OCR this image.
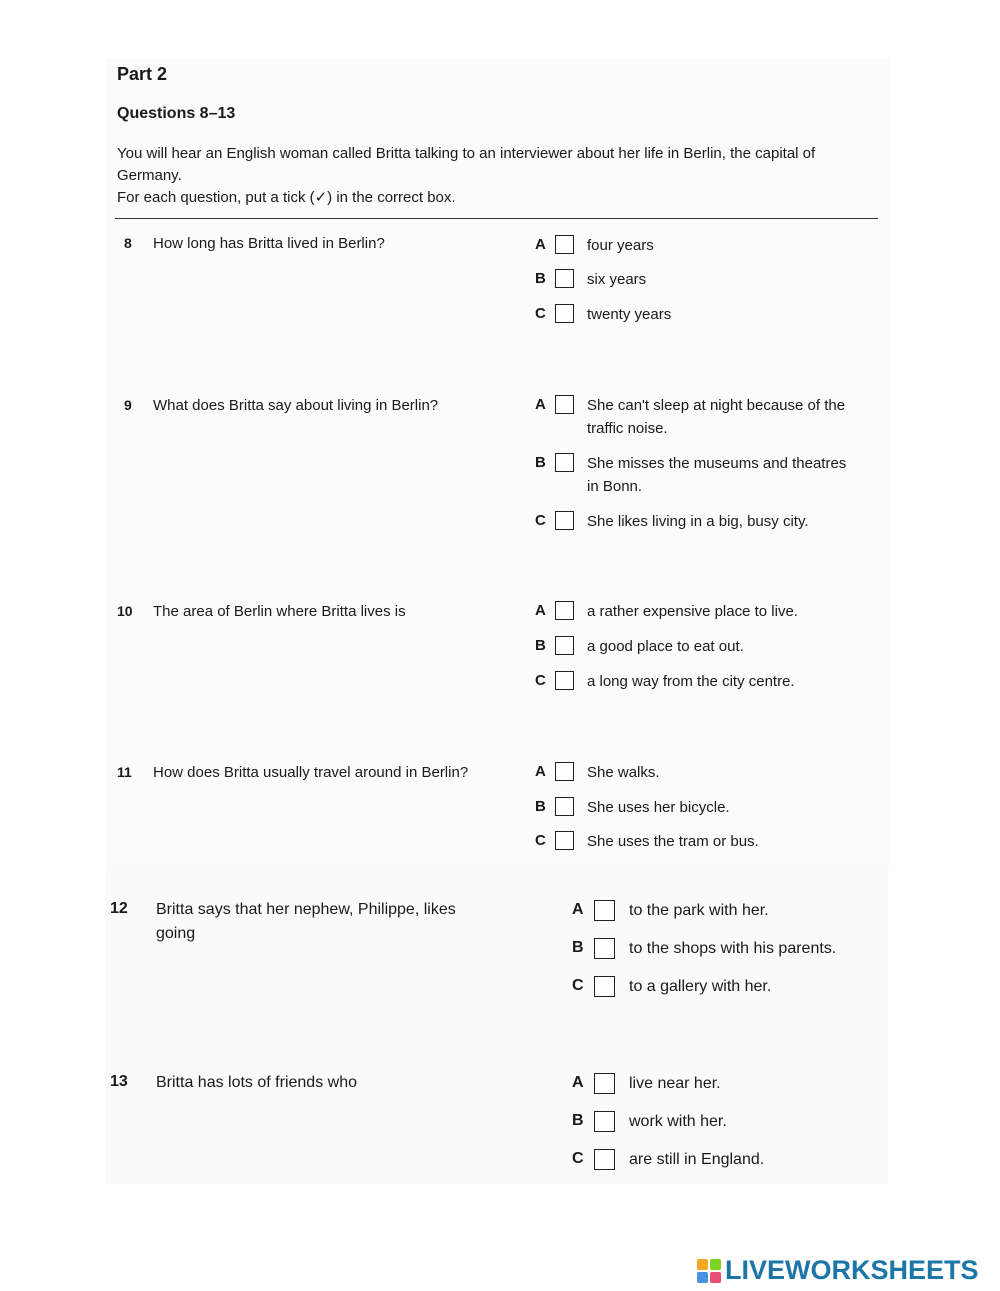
Part 2
Questions 8–13

You will hear an English woman called Britta talking to an interviewer about her life in Berlin, the capital of Germany.

For each question, put a tick (✓) in the correct box.

8 How long has Britta lived in Berlin?	A	four years
B	six years
C	twenty years
9 What does Britta say about living in Berlin?	A	She can't sleep at night because of the traffic noise.
B	She misses the museums and theatres in Bonn.
C	She likes living in a big, busy city.
10 The area of Berlin where Britta lives is	A	a rather expensive place to live.
B	a good place to eat out.
C	a long way from the city centre.
11 How does Britta usually travel around in Berlin?	A	She walks.
B	She uses her bicycle.
C	She uses the tram or bus.
12 Britta says that her nephew, Philippe, likes going
A	to the park with her.
B	to the shops with his parents.
C	to a gallery with her.
13 Britta has lots of friends who	A	live near her.
B	work with her.
C	are still in England.
LIVEWORKSHEETS
